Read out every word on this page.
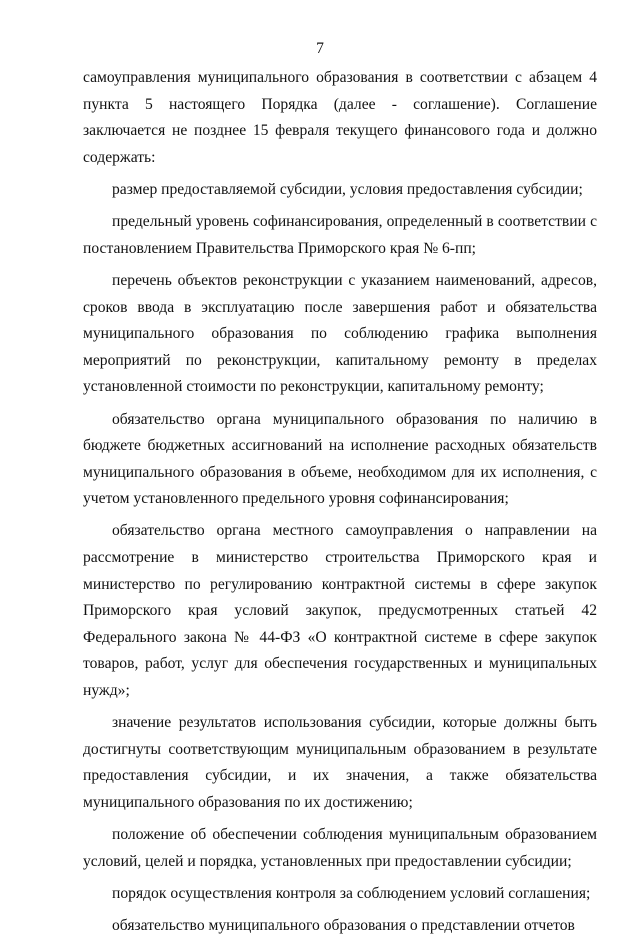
7

самоуправления муниципального образования в соответствии с абзацем 4 пункта 5 настоящего Порядка (далее - соглашение). Соглашение заключается не позднее 15 февраля текущего финансового года и должно содержать:

размер предоставляемой субсидии, условия предоставления субсидии;

предельный уровень софинансирования, определенный в соответствии с постановлением Правительства Приморского края № 6-пп;

перечень объектов реконструкции с указанием наименований, адресов, сроков ввода в эксплуатацию после завершения работ и обязательства муниципального образования по соблюдению графика выполнения мероприятий по реконструкции, капитальному ремонту в пределах установленной стоимости по реконструкции, капитальному ремонту;

обязательство органа муниципального образования по наличию в бюджете бюджетных ассигнований на исполнение расходных обязательств муниципального образования в объеме, необходимом для их исполнения, с учетом установленного предельного уровня софинансирования;

обязательство органа местного самоуправления о направлении на рассмотрение в министерство строительства Приморского края и министерство по регулированию контрактной системы в сфере закупок Приморского края условий закупок, предусмотренных статьей 42 Федерального закона № 44-ФЗ «О контрактной системе в сфере закупок товаров, работ, услуг для обеспечения государственных и муниципальных нужд»;

значение результатов использования субсидии, которые должны быть достигнуты соответствующим муниципальным образованием в результате предоставления субсидии, и их значения, а также обязательства муниципального образования по их достижению;

положение об обеспечении соблюдения муниципальным образованием условий, целей и порядка, установленных при предоставлении субсидии;

порядок осуществления контроля за соблюдением условий соглашения;

обязательство муниципального образования о представлении отчетов
